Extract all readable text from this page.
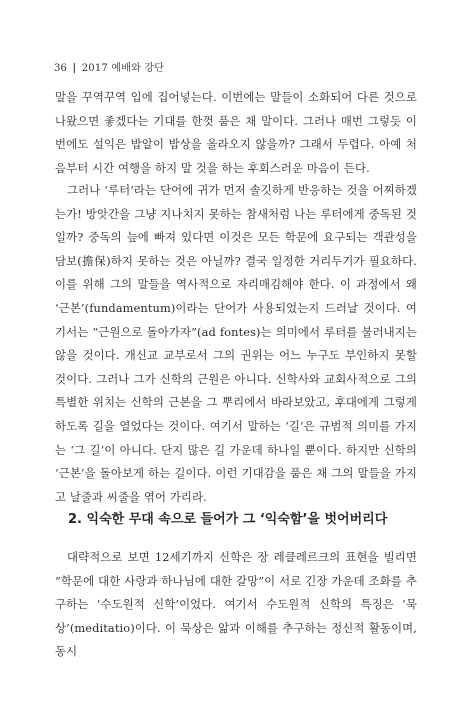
36 | 2017 예배와 강단

말을 꾸역꾸역 입에 집어넣는다. 이번에는 말들이 소화되어 다른 것으로 나왔으면 좋겠다는 기대를 한껏 품은 채 말이다. 그러나 매번 그렇듯 이번에도 설익은 밥알이 밥상을 올라오지 않을까? 그래서 두렵다. 아예 처음부터 시간 여행을 하지 말 것을 하는 후회스러운 마음이 든다.

그러나 ‘루터’라는 단어에 귀가 먼저 솔깃하게 반응하는 것을 어찌하겠는가! 방앗간을 그냥 지나치지 못하는 참새처럼 나는 루터에게 중독된 것일까? 중독의 늪에 빠져 있다면 이것은 모든 학문에 요구되는 객관성을 담보(擔保)하지 못하는 것은 아닐까? 결국 일정한 거리두기가 필요하다. 이를 위해 그의 말들을 역사적으로 자리매김해야 한다. 이 과정에서 왜 ‘근본’(fundamentum)이라는 단어가 사용되었는지 드러날 것이다. 여기서는 “근원으로 돌아가자”(ad fontes)는 의미에서 루터를 불러내지는 않을 것이다. 개신교 교부로서 그의 권위는 어느 누구도 부인하지 못할 것이다. 그러나 그가 신학의 근원은 아니다. 신학사와 교회사적으로 그의 특별한 위치는 신학의 근본을 그 뿌리에서 바라보았고, 후대에게 그렇게 하도록 길을 열었다는 것이다. 여기서 말하는 ‘길’은 규범적 의미를 가지는 ‘그 길’이 아니다. 단지 많은 길 가운데 하나일 뿐이다. 하지만 신학의 ‘근본’을 돌아보게 하는 길이다. 이런 기대감을 품은 채 그의 말들을 가지고 날줄과 씨줄을 엮어 가리라.

2. 익숙한 무대 속으로 들어가 그 ‘익숙함’을 벗어버리다

대략적으로 보면 12세기까지 신학은 장 레클레르크의 표현을 빌리면 “학문에 대한 사랑과 하나님에 대한 갈망”이 서로 긴장 가운데 조화를 추구하는 ‘수도원적 신학’이었다. 여기서 수도원적 신학의 특징은 ‘묵상’(meditatio)이다. 이 묵상은 앎과 이해를 추구하는 정신적 활동이며, 동시
